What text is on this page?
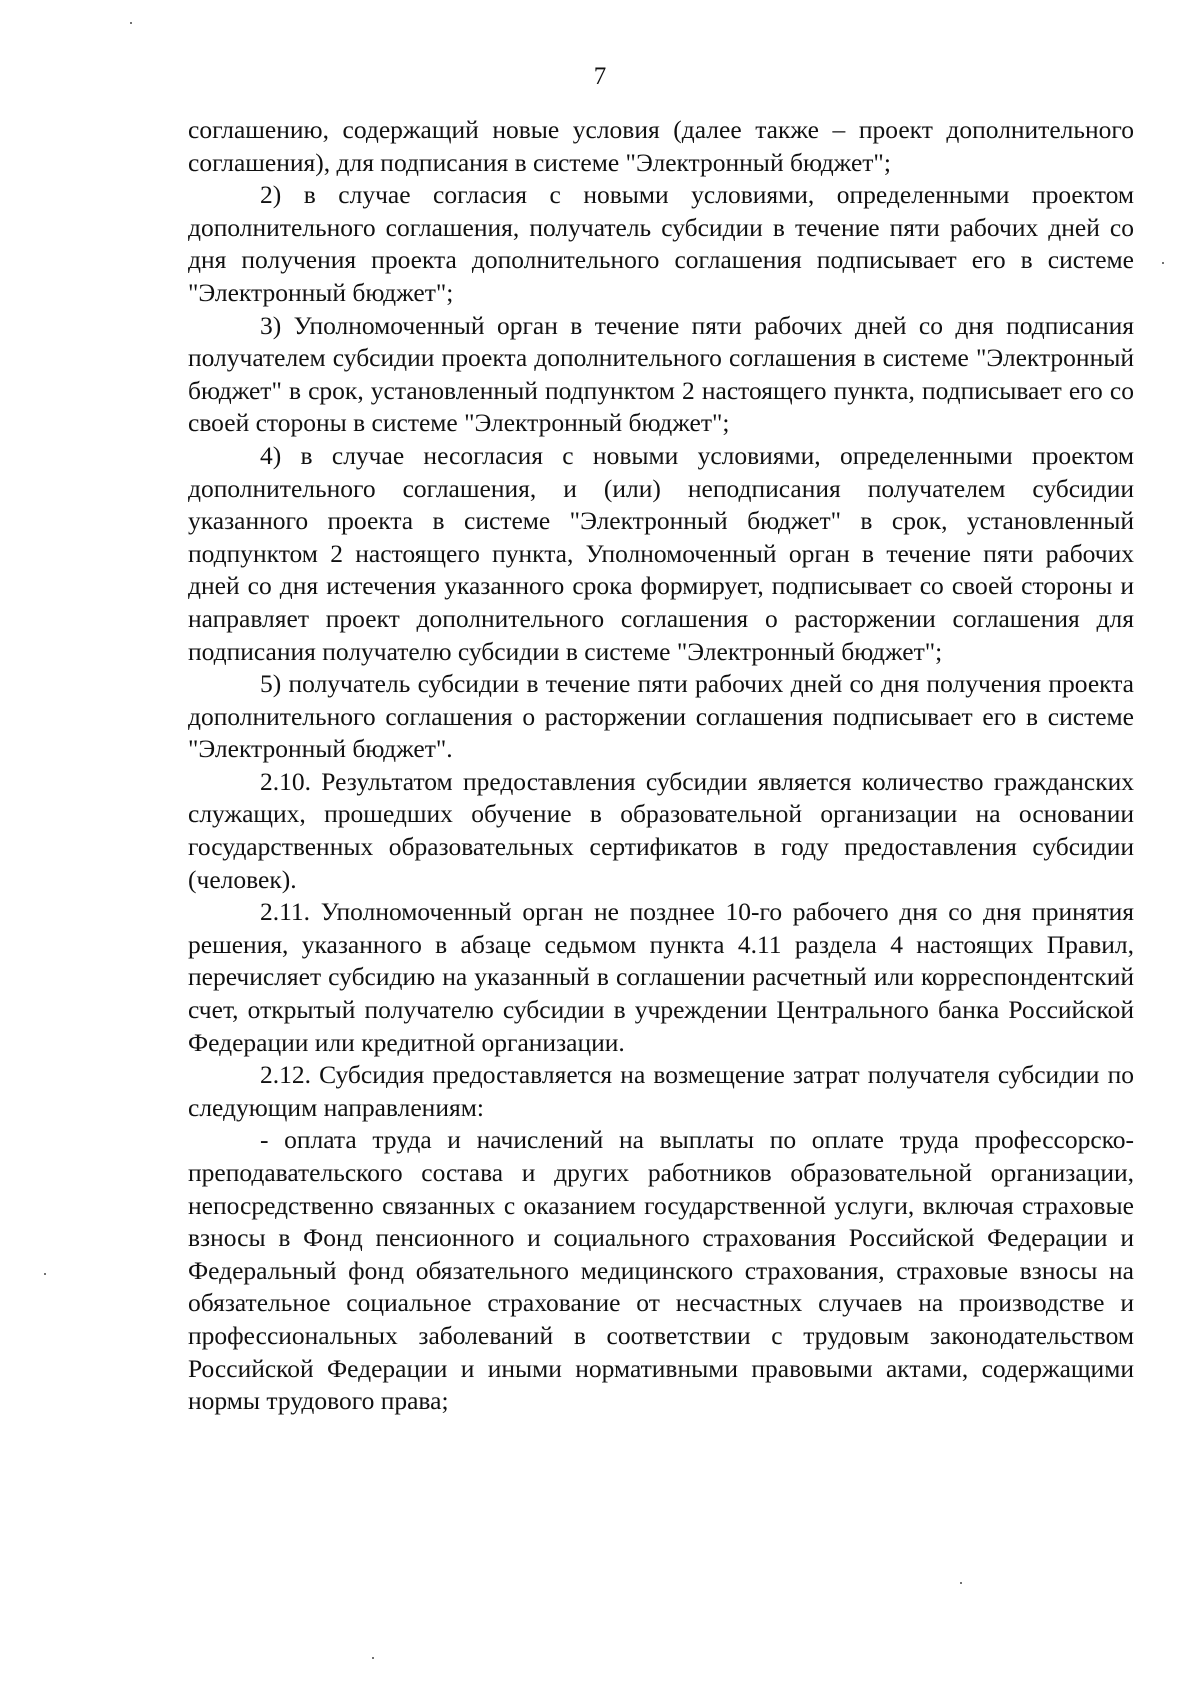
7

соглашению, содержащий новые условия (далее также – проект дополнительного соглашения), для подписания в системе "Электронный бюджет";

2) в случае согласия с новыми условиями, определенными проектом дополнительного соглашения, получатель субсидии в течение пяти рабочих дней со дня получения проекта дополнительного соглашения подписывает его в системе "Электронный бюджет";

3) Уполномоченный орган в течение пяти рабочих дней со дня подписания получателем субсидии проекта дополнительного соглашения в системе "Электронный бюджет" в срок, установленный подпунктом 2 настоящего пункта, подписывает его со своей стороны в системе "Электронный бюджет";

4) в случае несогласия с новыми условиями, определенными проектом дополнительного соглашения, и (или) неподписания получателем субсидии указанного проекта в системе "Электронный бюджет" в срок, установленный подпунктом 2 настоящего пункта, Уполномоченный орган в течение пяти рабочих дней со дня истечения указанного срока формирует, подписывает со своей стороны и направляет проект дополнительного соглашения о расторжении соглашения для подписания получателю субсидии в системе "Электронный бюджет";

5) получатель субсидии в течение пяти рабочих дней со дня получения проекта дополнительного соглашения о расторжении соглашения подписывает его в системе "Электронный бюджет".

2.10. Результатом предоставления субсидии является количество гражданских служащих, прошедших обучение в образовательной организации на основании государственных образовательных сертификатов в году предоставления субсидии (человек).

2.11. Уполномоченный орган не позднее 10-го рабочего дня со дня принятия решения, указанного в абзаце седьмом пункта 4.11 раздела 4 настоящих Правил, перечисляет субсидию на указанный в соглашении расчетный или корреспондентский счет, открытый получателю субсидии в учреждении Центрального банка Российской Федерации или кредитной организации.

2.12. Субсидия предоставляется на возмещение затрат получателя субсидии по следующим направлениям:

- оплата труда и начислений на выплаты по оплате труда профессорско-преподавательского состава и других работников образовательной организации, непосредственно связанных с оказанием государственной услуги, включая страховые взносы в Фонд пенсионного и социального страхования Российской Федерации и Федеральный фонд обязательного медицинского страхования, страховые взносы на обязательное социальное страхование от несчастных случаев на производстве и профессиональных заболеваний в соответствии с трудовым законодательством Российской Федерации и иными нормативными правовыми актами, содержащими нормы трудового права;
